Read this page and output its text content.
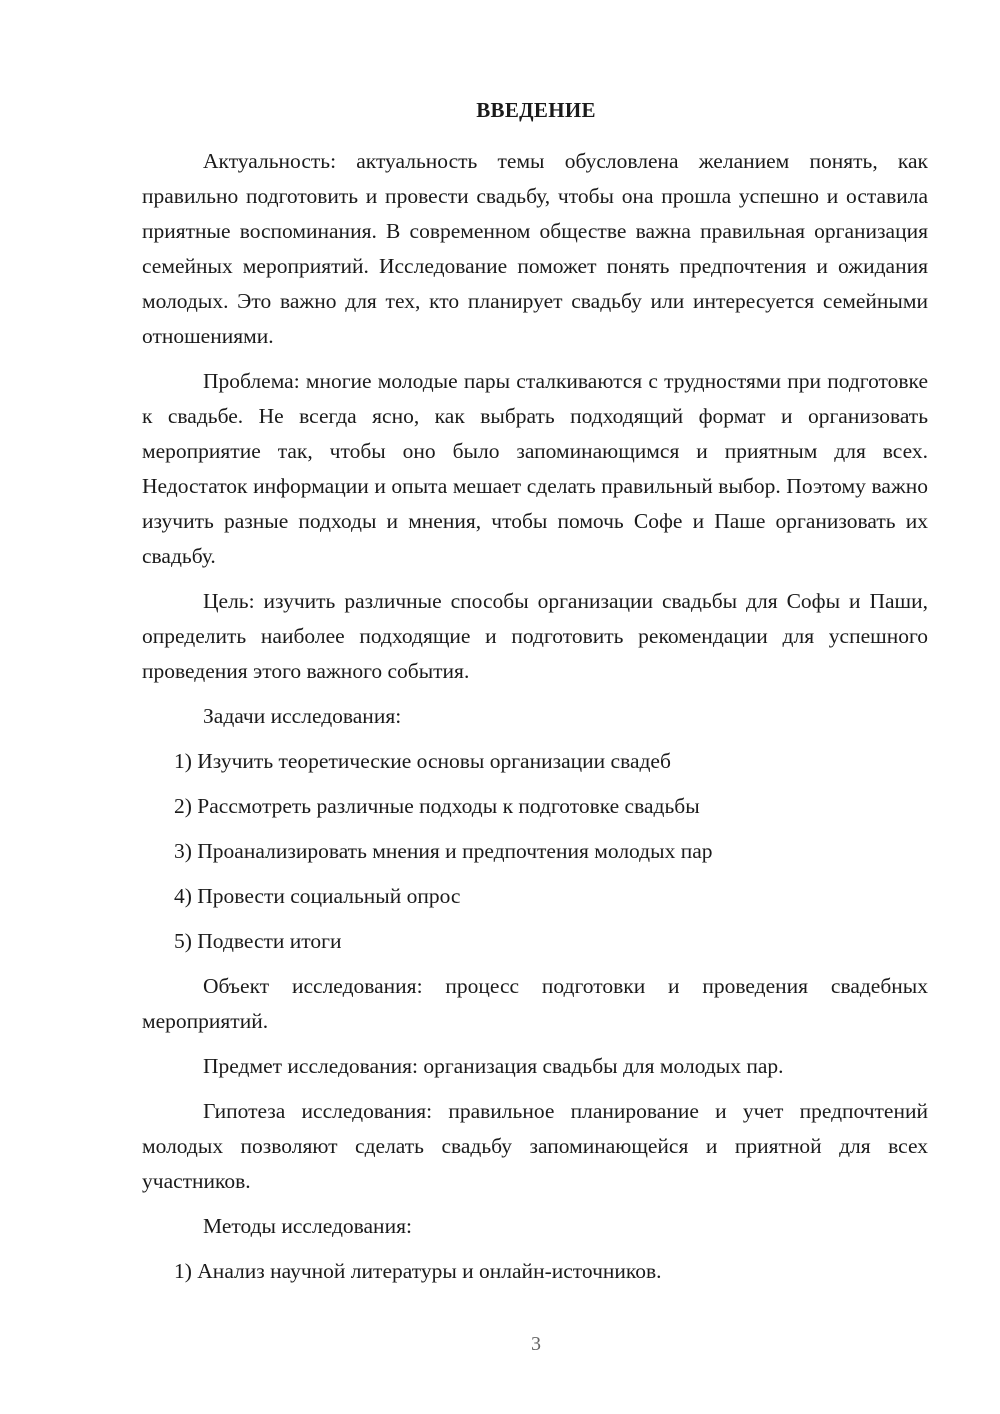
ВВЕДЕНИЕ

Актуальность: актуальность темы обусловлена желанием понять, как правильно подготовить и провести свадьбу, чтобы она прошла успешно и оставила приятные воспоминания. В современном обществе важна правильная организация семейных мероприятий. Исследование поможет понять предпочтения и ожидания молодых. Это важно для тех, кто планирует свадьбу или интересуется семейными отношениями.

Проблема: многие молодые пары сталкиваются с трудностями при подготовке к свадьбе. Не всегда ясно, как выбрать подходящий формат и организовать мероприятие так, чтобы оно было запоминающимся и приятным для всех. Недостаток информации и опыта мешает сделать правильный выбор. Поэтому важно изучить разные подходы и мнения, чтобы помочь Софе и Паше организовать их свадьбу.

Цель: изучить различные способы организации свадьбы для Софы и Паши, определить наиболее подходящие и подготовить рекомендации для успешного проведения этого важного события.

Задачи исследования:

1) Изучить теоретические основы организации свадеб

2) Рассмотреть различные подходы к подготовке свадьбы

3) Проанализировать мнения и предпочтения молодых пар

4) Провести социальный опрос

5) Подвести итоги

Объект исследования: процесс подготовки и проведения свадебных мероприятий.

Предмет исследования: организация свадьбы для молодых пар.

Гипотеза исследования: правильное планирование и учет предпочтений молодых позволяют сделать свадьбу запоминающейся и приятной для всех участников.

Методы исследования:

1) Анализ научной литературы и онлайн-источников.

3
